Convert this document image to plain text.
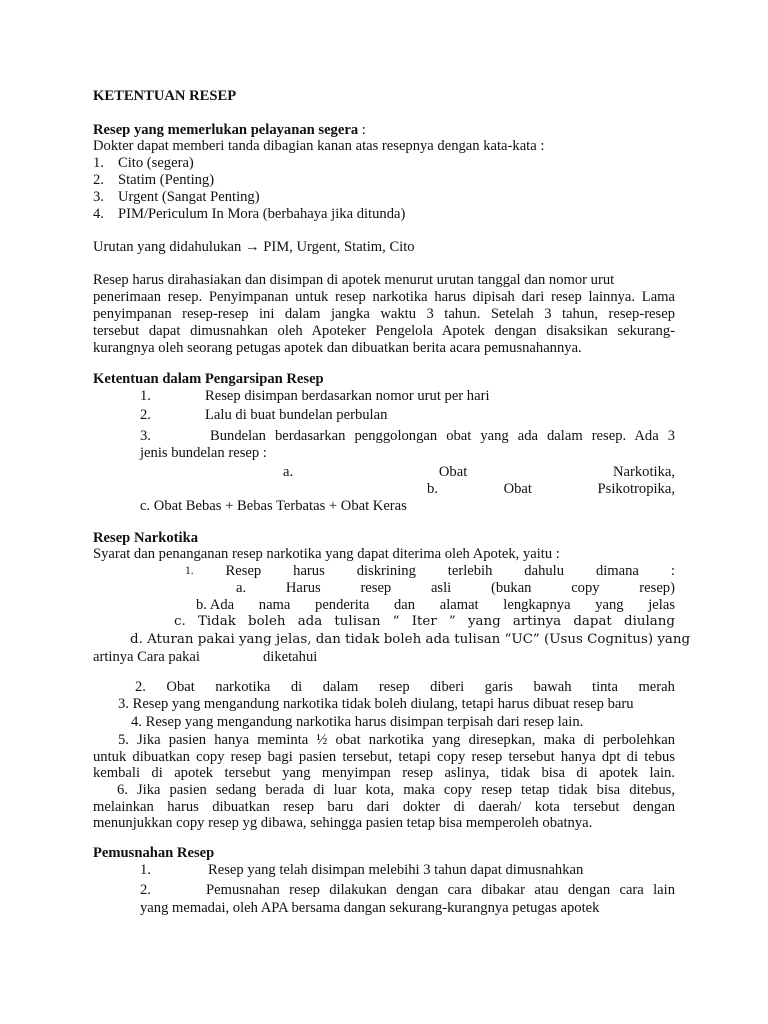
KETENTUAN RESEP
Resep yang memerlukan pelayanan segera :
Dokter dapat memberi tanda dibagian kanan atas resepnya dengan kata-kata :
1. Cito (segera)
2. Statim (Penting)
3. Urgent (Sangat Penting)
4. PIM/Periculum In Mora (berbahaya jika ditunda)
Urutan yang didahulukan → PIM, Urgent, Statim, Cito
Resep harus dirahasiakan dan disimpan di apotek menurut urutan tanggal dan nomor urut
penerimaan resep. Penyimpanan untuk resep narkotika harus dipisah dari resep lainnya. Lama
penyimpanan resep-resep ini dalam jangka waktu 3 tahun. Setelah 3 tahun, resep-resep
tersebut dapat dimusnahkan oleh Apoteker Pengelola Apotek dengan disaksikan sekurang-
kurangnya oleh seorang petugas apotek dan dibuatkan berita acara pemusnahannya.
Ketentuan dalam Pengarsipan Resep
1.	Resep disimpan berdasarkan nomor urut per hari
2.	Lalu di buat bundelan perbulan
3.	Bundelan berdasarkan penggolongan obat yang ada dalam resep. Ada 3
jenis bundelan resep :
a.	Obat	Narkotika,
b.	Obat	Psikotropika,
c. Obat Bebas + Bebas Terbatas + Obat Keras
Resep Narkotika
Syarat dan penanganan resep narkotika yang dapat diterima oleh Apotek, yaitu :
1. Resep harus diskrining terlebih dahulu dimana :
a.	Harus	resep	asli	(bukan	copy	resep)
b. Ada nama penderita dan alamat lengkapnya yang jelas
c. Tidak boleh ada tulisan “ Iter ” yang artinya dapat diulang
d. Aturan pakai yang jelas, dan tidak boleh ada tulisan “UC” (Usus Cognitus) yang
artinya Cara pakai	diketahui
2. Obat narkotika di dalam resep diberi garis bawah tinta merah
3. Resep yang mengandung narkotika tidak boleh diulang, tetapi harus dibuat resep baru
4. Resep yang mengandung narkotika harus disimpan terpisah dari resep lain.
5. Jika pasien hanya meminta ½ obat narkotika yang diresepkan, maka di perbolehkan
untuk dibuatkan copy resep bagi pasien tersebut, tetapi copy resep tersebut hanya dpt di tebus
kembali di apotek tersebut yang menyimpan resep aslinya, tidak bisa di apotek lain.
6. Jika pasien sedang berada di luar kota, maka copy resep tetap tidak bisa ditebus,
melainkan harus dibuatkan resep baru dari dokter di daerah/ kota tersebut dengan
menunjukkan copy resep yg dibawa, sehingga pasien tetap bisa memperoleh obatnya.
Pemusnahan Resep
1.	Resep yang telah disimpan melebihi 3 tahun dapat dimusnahkan
2.	Pemusnahan resep dilakukan dengan cara dibakar atau dengan cara lain
yang memadai, oleh APA bersama dangan sekurang-kurangnya petugas apotek
